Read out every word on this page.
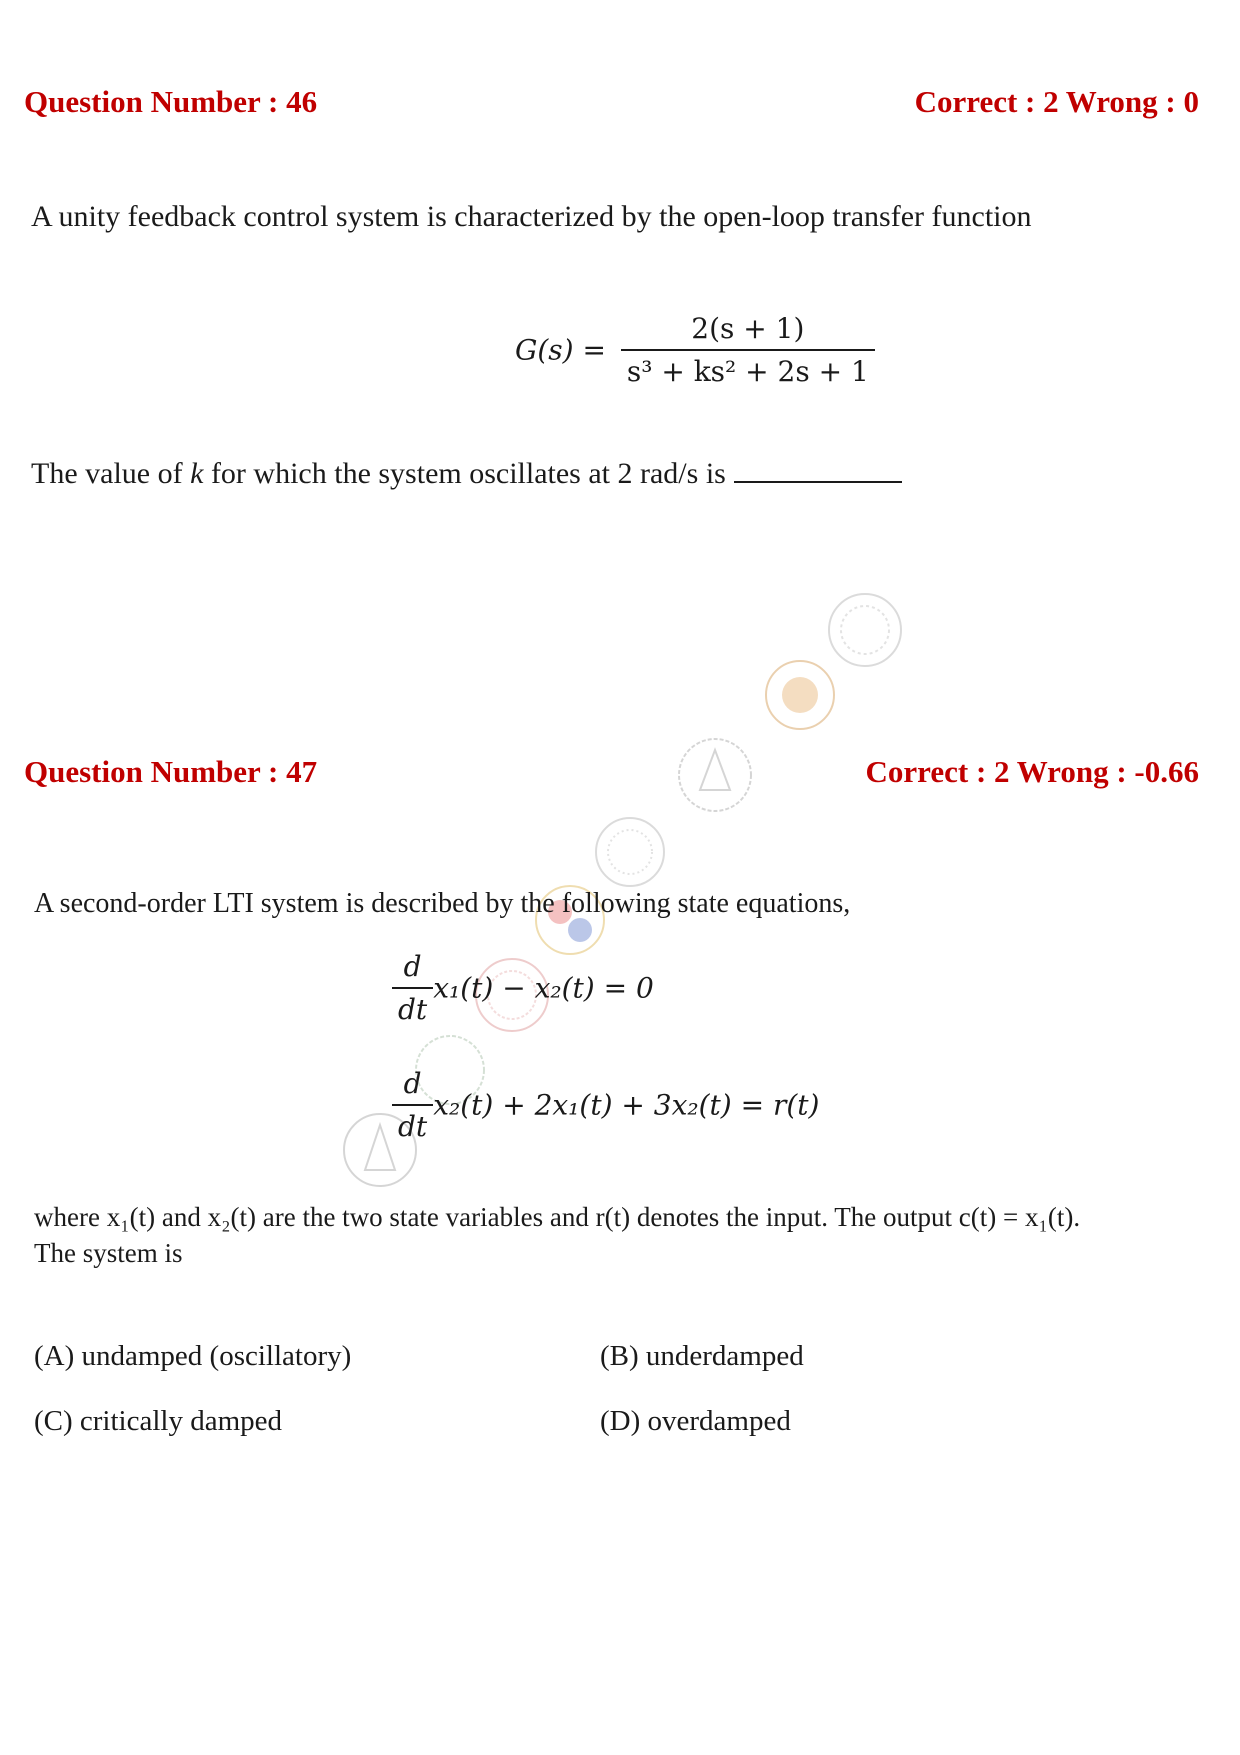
Question Number : 46	Correct : 2 Wrong : 0
A unity feedback control system is characterized by the open-loop transfer function
$G(s) = \frac{2(s + 1)}{\text{s³ + ks² + 2s + 1}}$
The value of k for which the system oscillates at 2 rad/s is
Question Number : 47	Correct : 2 Wrong : -0.66
A second-order LTI system is described by the following state equations,
$\frac{d}{dt} x_1(t) - x_2(t) = 0$
$\frac{d}{dt} x_2(t) + 2x_1(t) + 3x_2(t) = r(t)$
where x₁(t) and x₂(t) are the two state variables and r(t) denotes the input. The output c(t) = x₁(t).
The system is
(A) undamped (oscillatory)	(B) underdamped
(C) critically damped	(D) overdamped
